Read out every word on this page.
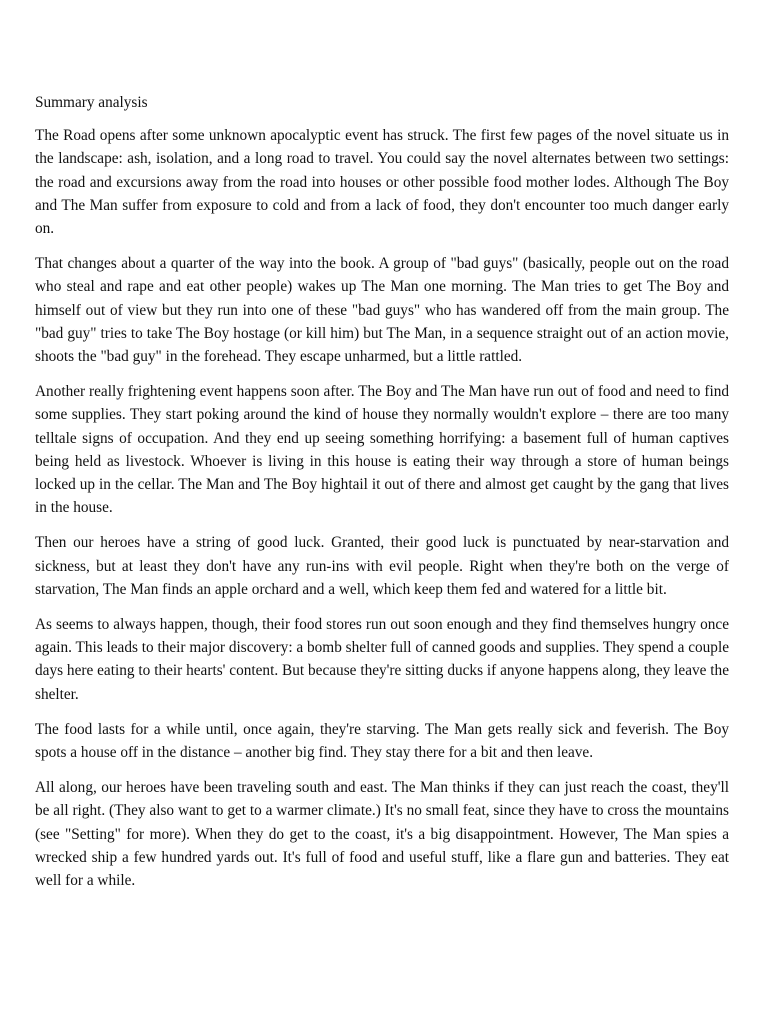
Summary analysis

The Road opens after some unknown apocalyptic event has struck. The first few pages of the novel situate us in the landscape: ash, isolation, and a long road to travel. You could say the novel alternates between two settings: the road and excursions away from the road into houses or other possible food mother lodes. Although The Boy and The Man suffer from exposure to cold and from a lack of food, they don't encounter too much danger early on.

That changes about a quarter of the way into the book. A group of "bad guys" (basically, people out on the road who steal and rape and eat other people) wakes up The Man one morning. The Man tries to get The Boy and himself out of view but they run into one of these "bad guys" who has wandered off from the main group. The "bad guy" tries to take The Boy hostage (or kill him) but The Man, in a sequence straight out of an action movie, shoots the "bad guy" in the forehead. They escape unharmed, but a little rattled.

Another really frightening event happens soon after. The Boy and The Man have run out of food and need to find some supplies. They start poking around the kind of house they normally wouldn't explore – there are too many telltale signs of occupation. And they end up seeing something horrifying: a basement full of human captives being held as livestock. Whoever is living in this house is eating their way through a store of human beings locked up in the cellar. The Man and The Boy hightail it out of there and almost get caught by the gang that lives in the house.

Then our heroes have a string of good luck. Granted, their good luck is punctuated by near-starvation and sickness, but at least they don't have any run-ins with evil people. Right when they're both on the verge of starvation, The Man finds an apple orchard and a well, which keep them fed and watered for a little bit.

As seems to always happen, though, their food stores run out soon enough and they find themselves hungry once again. This leads to their major discovery: a bomb shelter full of canned goods and supplies. They spend a couple days here eating to their hearts' content. But because they're sitting ducks if anyone happens along, they leave the shelter.

The food lasts for a while until, once again, they're starving. The Man gets really sick and feverish. The Boy spots a house off in the distance – another big find. They stay there for a bit and then leave.

All along, our heroes have been traveling south and east. The Man thinks if they can just reach the coast, they'll be all right. (They also want to get to a warmer climate.) It's no small feat, since they have to cross the mountains (see "Setting" for more). When they do get to the coast, it's a big disappointment. However, The Man spies a wrecked ship a few hundred yards out. It's full of food and useful stuff, like a flare gun and batteries. They eat well for a while.
